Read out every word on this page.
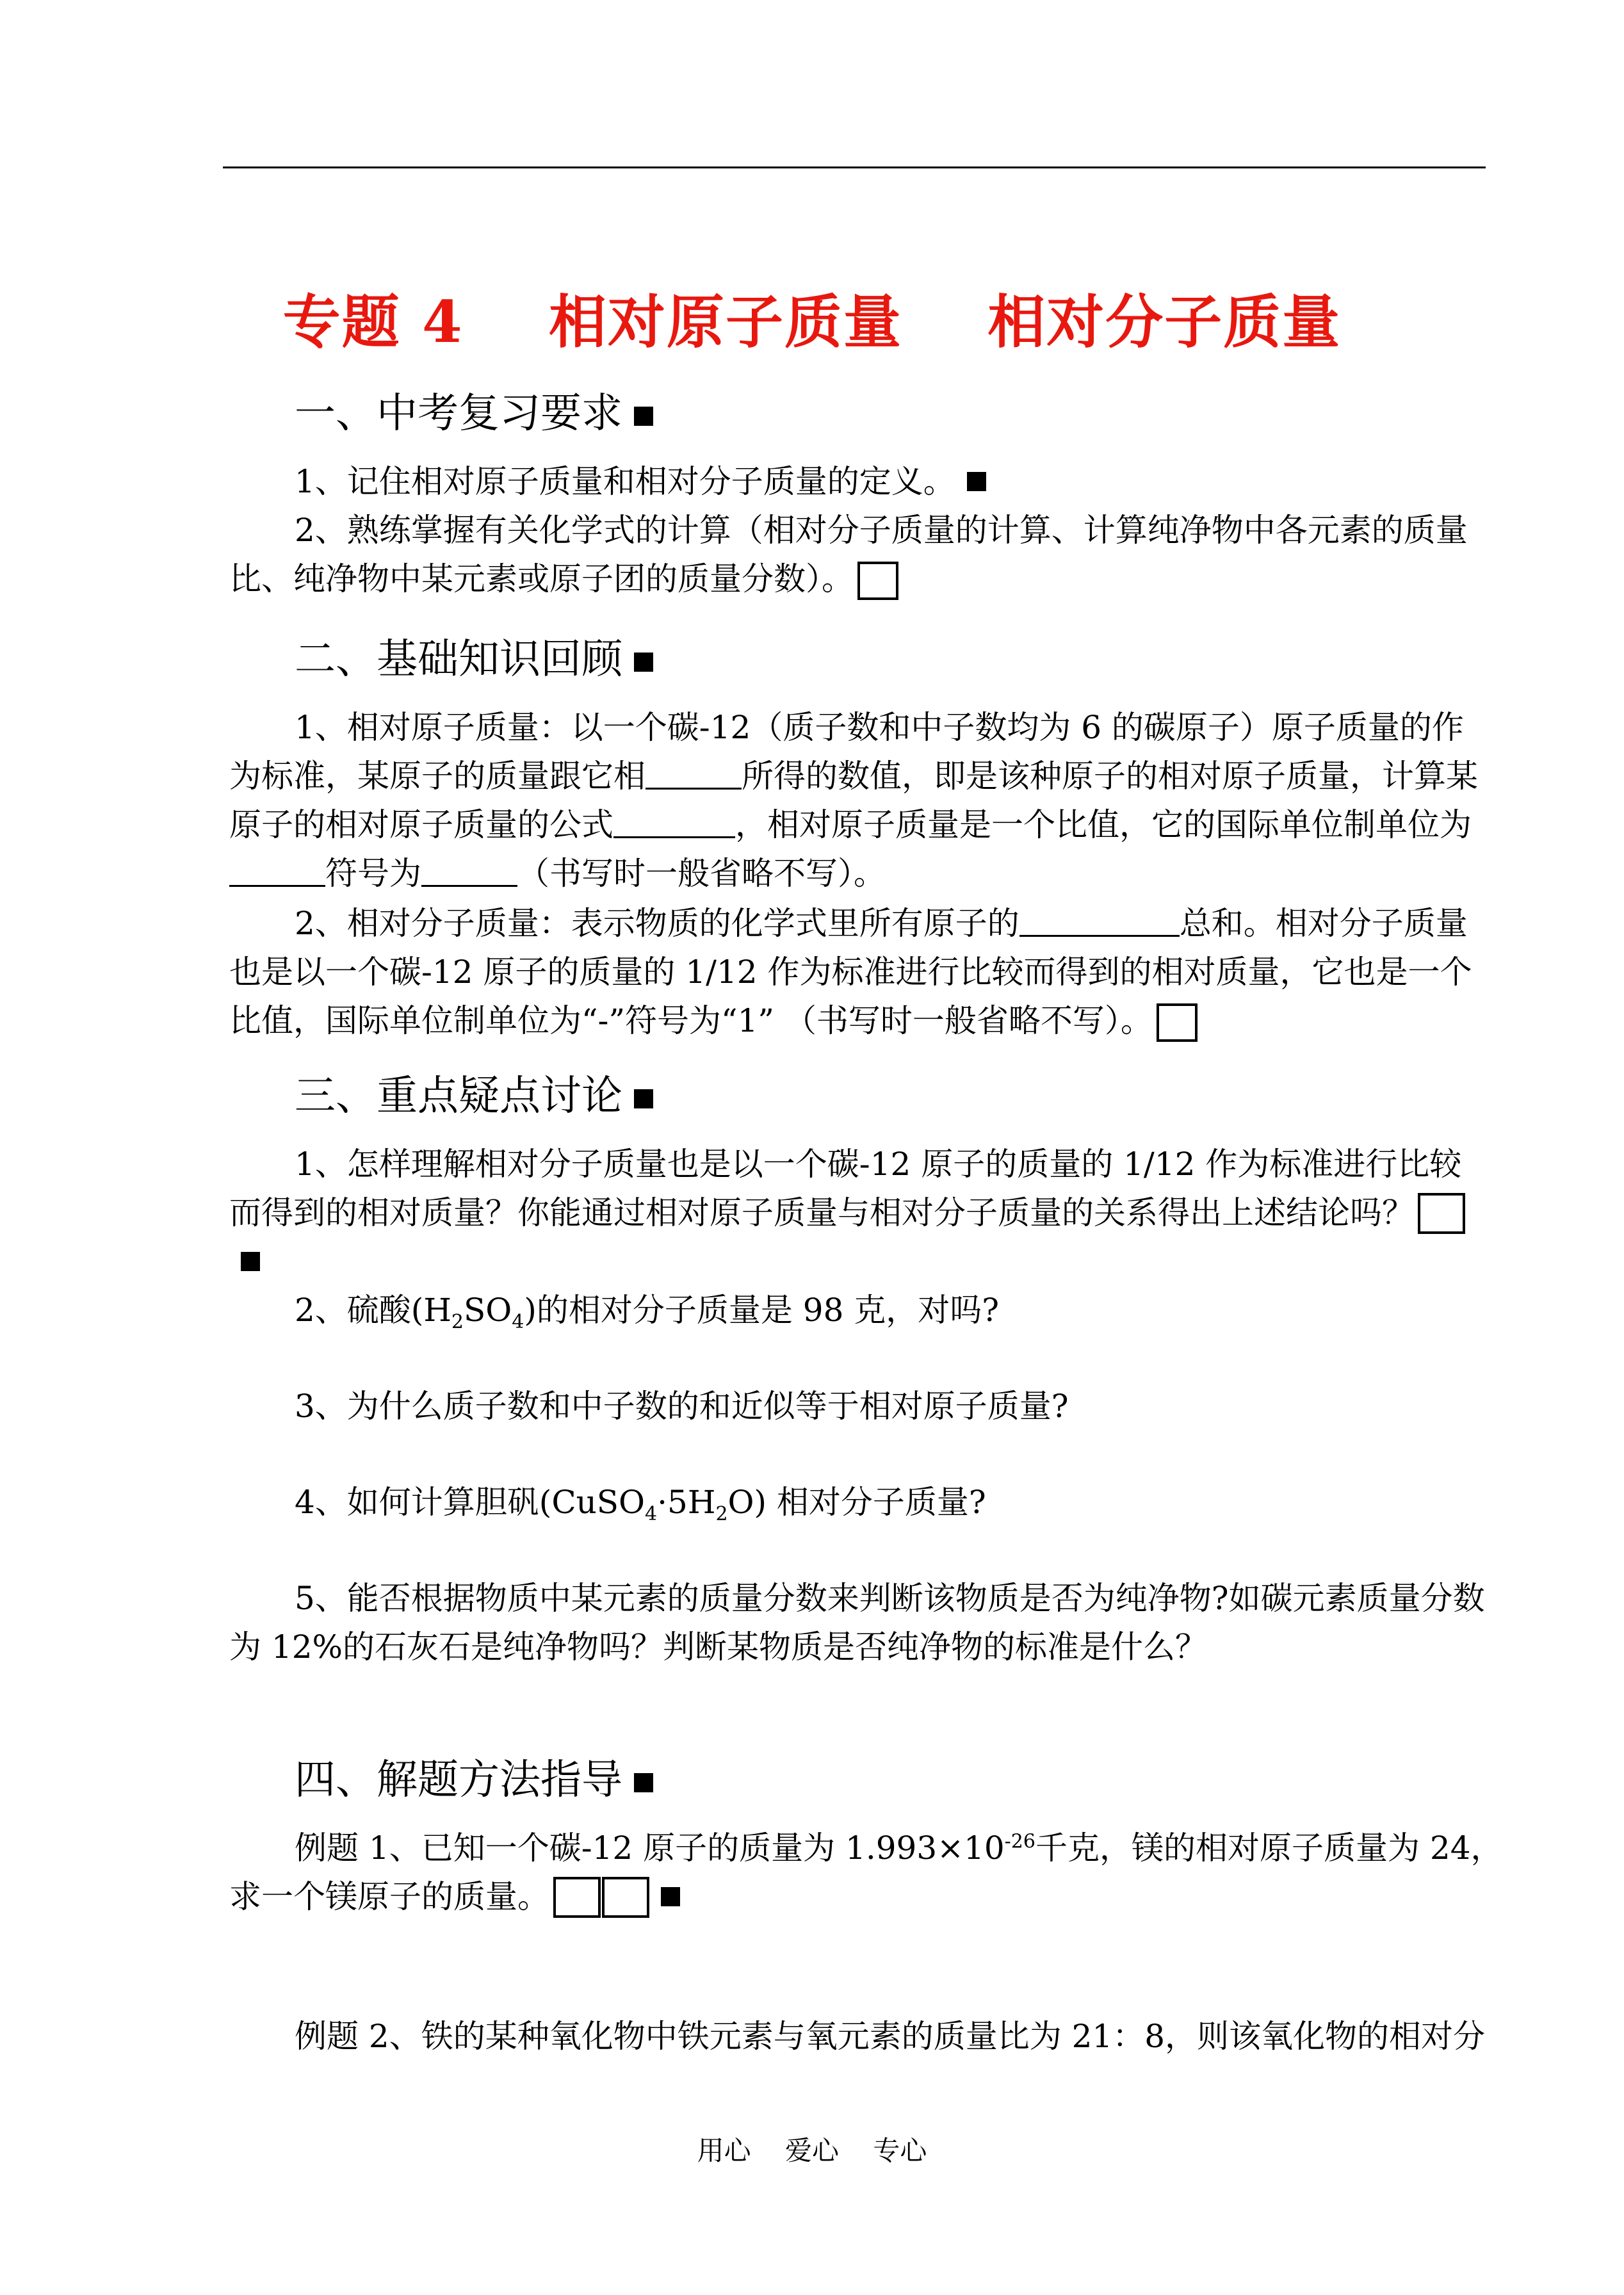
专题 4    相对原子质量    相对分子质量
一、中考复习要求
1、记住相对原子质量和相对分子质量的定义。
2、熟练掌握有关化学式的计算（相对分子质量的计算、计算纯净物中各元素的质量比、纯净物中某元素或原子团的质量分数）。
二、基础知识回顾
1、相对原子质量：以一个碳-12（质子数和中子数均为 6 的碳原子）原子质量的作为标准，某原子的质量跟它相	所得的数值，即是该种原子的相对原子质量，计算某原子的相对原子质量的公式	，相对原子质量是一个比值，它的国际单位制单位为符号为	（书写时一般省略不写）。
2、相对分子质量：表示物质的化学式里所有原子的	总和。相对分子质量也是以一个碳-12 原子的质量的 1/12 作为标准进行比较而得到的相对质量，它也是一个比值，国际单位制单位为“-”符号为“1” （书写时一般省略不写）。
三、重点疑点讨论
1、怎样理解相对分子质量也是以一个碳-12 原子的质量的 1/12 作为标准进行比较而得到的相对质量？你能通过相对原子质量与相对分子质量的关系得出上述结论吗？
2、硫酸$(H_2SO_4)$的相对分子质量是 98 克，对吗?
3、为什么质子数和中子数的和近似等于相对原子质量?
4、如何计算胆矾$(CuSO_4\cdot 5H_2O)$ 相对分子质量?
5、能否根据物质中某元素的质量分数来判断该物质是否为纯净物?如碳元素质量分数为 12%的石灰石是纯净物吗？判断某物质是否纯净物的标准是什么？
四、解题方法指导
例题 1、已知一个碳-12 原子的质量为 $1.993\times 10^{-26}$千克，镁的相对原子质量为 24，
求一个镁原子的质量。
例题 2、铁的某种氧化物中铁元素与氧元素的质量比为 21：8，则该氧化物的相对分
用心    爱心    专心
